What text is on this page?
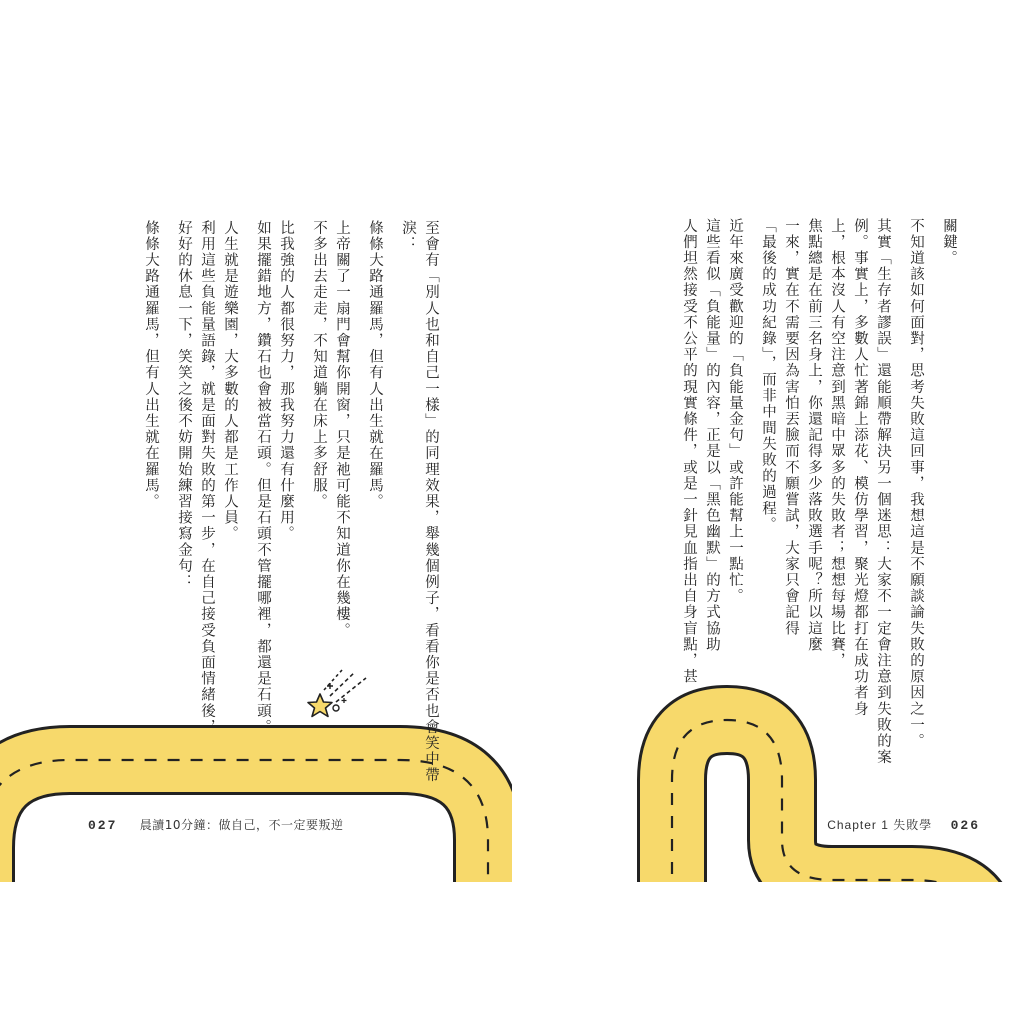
至會有「別人也和自己一樣」的同理效果，舉幾個例子，看看你是否也會笑中帶

淚：

條條大路通羅馬，但有人出生就在羅馬。

上帝關了一扇門會幫你開窗，只是祂可能不知道你在幾樓。

不多出去走走，不知道躺在床上多舒服。

比我強的人都很努力，那我努力還有什麼用。

如果擺錯地方，鑽石也會被當石頭。但是石頭不管擺哪裡，都還是石頭。

人生就是遊樂園，大多數的人都是工作人員。

利用這些負能量語錄，就是面對失敗的第一步，在自己接受負面情緒後，

好好的休息一下，笑笑之後不妨開始練習接寫金句：

條條大路通羅馬，但有人出生就在羅馬。

027 晨讀10分鐘：做自己，不一定要叛逆

關鍵。

不知道該如何面對，思考失敗這回事，我想這是不願談論失敗的原因之一。

其實「生存者謬誤」還能順帶解決另一個迷思：大家不一定會注意到失敗的案

例。事實上，多數人忙著錦上添花、模仿學習，聚光燈都打在成功者身

上，根本沒人有空注意到黑暗中眾多的失敗者；想想每場比賽，

焦點總是在前三名身上，你還記得多少落敗選手呢？所以這麼

一來，實在不需要因為害怕丟臉而不願嘗試，大家只會記得

「最後的成功紀錄」，而非中間失敗的過程。

近年來廣受歡迎的「負能量金句」或許能幫上一點忙。

這些看似「負能量」的內容，正是以「黑色幽默」的方式協助

人們坦然接受不公平的現實條件，或是一針見血指出自身盲點，甚

Chapter 1 失敗學 026
